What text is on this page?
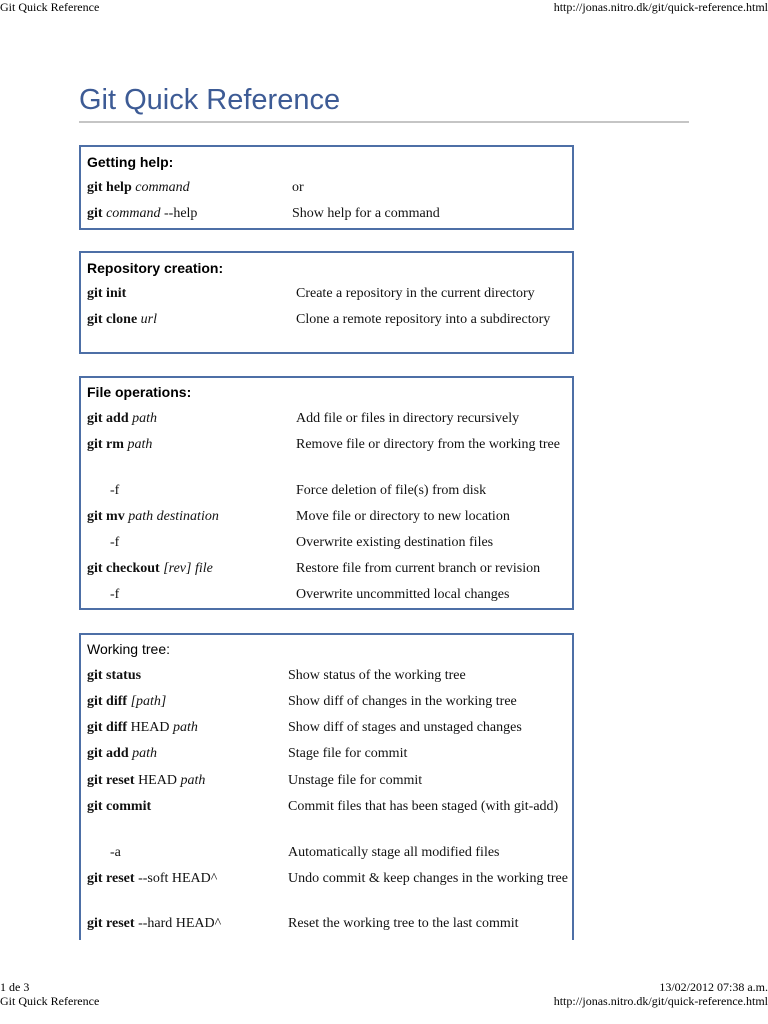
Git Quick Reference	http://jonas.nitro.dk/git/quick-reference.html
Git Quick Reference
Getting help:
git help command	or
git command --help	Show help for a command
Repository creation:
git init	Create a repository in the current directory
git clone url	Clone a remote repository into a subdirectory
File operations:
git add path	Add file or files in directory recursively
git rm path	Remove file or directory from the working tree
-f	Force deletion of file(s) from disk
git mv path destination	Move file or directory to new location
-f	Overwrite existing destination files
git checkout [rev] file	Restore file from current branch or revision
-f	Overwrite uncommitted local changes
Working tree:
git status	Show status of the working tree
git diff [path]	Show diff of changes in the working tree
git diff HEAD path	Show diff of stages and unstaged changes
git add path	Stage file for commit
git reset HEAD path	Unstage file for commit
git commit	Commit files that has been staged (with git-add)
-a	Automatically stage all modified files
git reset --soft HEAD^	Undo commit & keep changes in the working tree
git reset --hard HEAD^	Reset the working tree to the last commit
1 de 3	13/02/2012 07:38 a.m.
Git Quick Reference	http://jonas.nitro.dk/git/quick-reference.html
